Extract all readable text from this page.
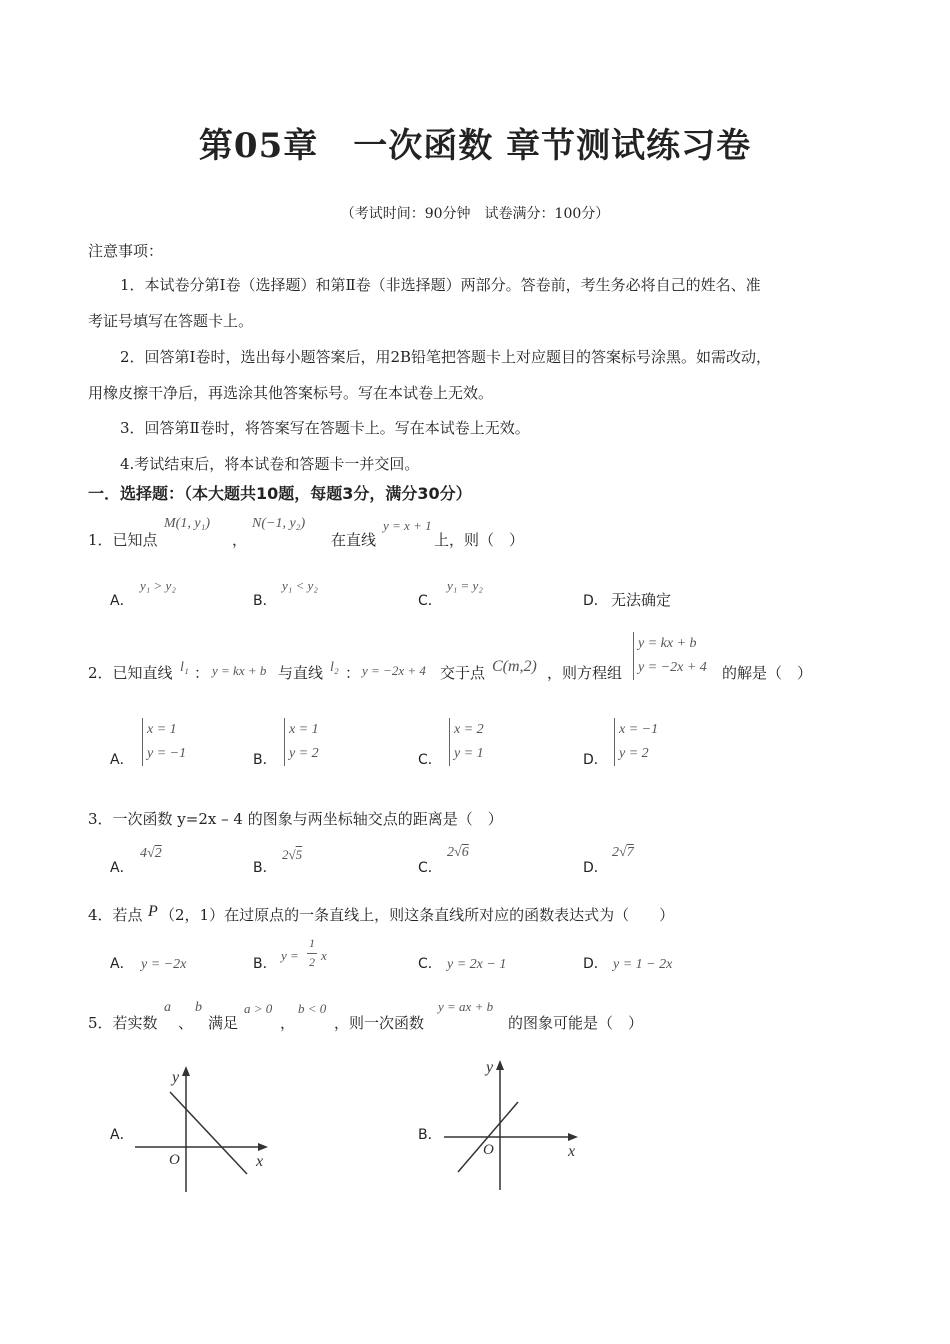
第05章　一次函数 章节测试练习卷
（考试时间：90分钟　试卷满分：100分）
注意事项：
1．本试卷分第Ⅰ卷（选择题）和第Ⅱ卷（非选择题）两部分。答卷前，考生务必将自己的姓名、准
考证号填写在答题卡上。
2．回答第Ⅰ卷时，选出每小题答案后，用2B铅笔把答题卡上对应题目的答案标号涂黑。如需改动，
用橡皮擦干净后，再选涂其他答案标号。写在本试卷上无效。
3．回答第Ⅱ卷时，将答案写在答题卡上。写在本试卷上无效。
4.考试结束后，将本试卷和答题卡一并交回。
一．选择题：（本大题共10题，每题3分，满分30分）
1．已知点
M(1, y₁)
，
N(−1, y₂)
在直线
y = x + 1
上，则（　）
A．
y₁ > y₂
B．
y₁ < y₂
C．
y₁ = y₂
D． 无法确定
2．已知直线 l₁ ： y = kx + b 与直线 l₂ ： y = −2x + 4 交于点 C(m,2) ，则方程组
y = kx + b
y = −2x + 4 的解是（　）
A．
x = 1
y = −1	B．
x = 1
y = 2	C．
x = 2
y = 1	D．
x = −1
y = 2
3．一次函数 y=2x – 4 的图象与两坐标轴交点的距离是（　）
A．
4√2
B．
2√5
C．
2√6
D．
2√7
4．若点 P （2，1）在过原点的一条直线上，则这条直线所对应的函数表达式为（　　）
A． y = −2x	B．
y =
1
2 x
C． y = 2x − 1	D． y = 1 − 2x
5．若实数
a
、
b
满足
a > 0
，
b < 0
，则一次函数
y = ax + b
的图象可能是（　）
A．
y
x
O
B．
y
x
O
